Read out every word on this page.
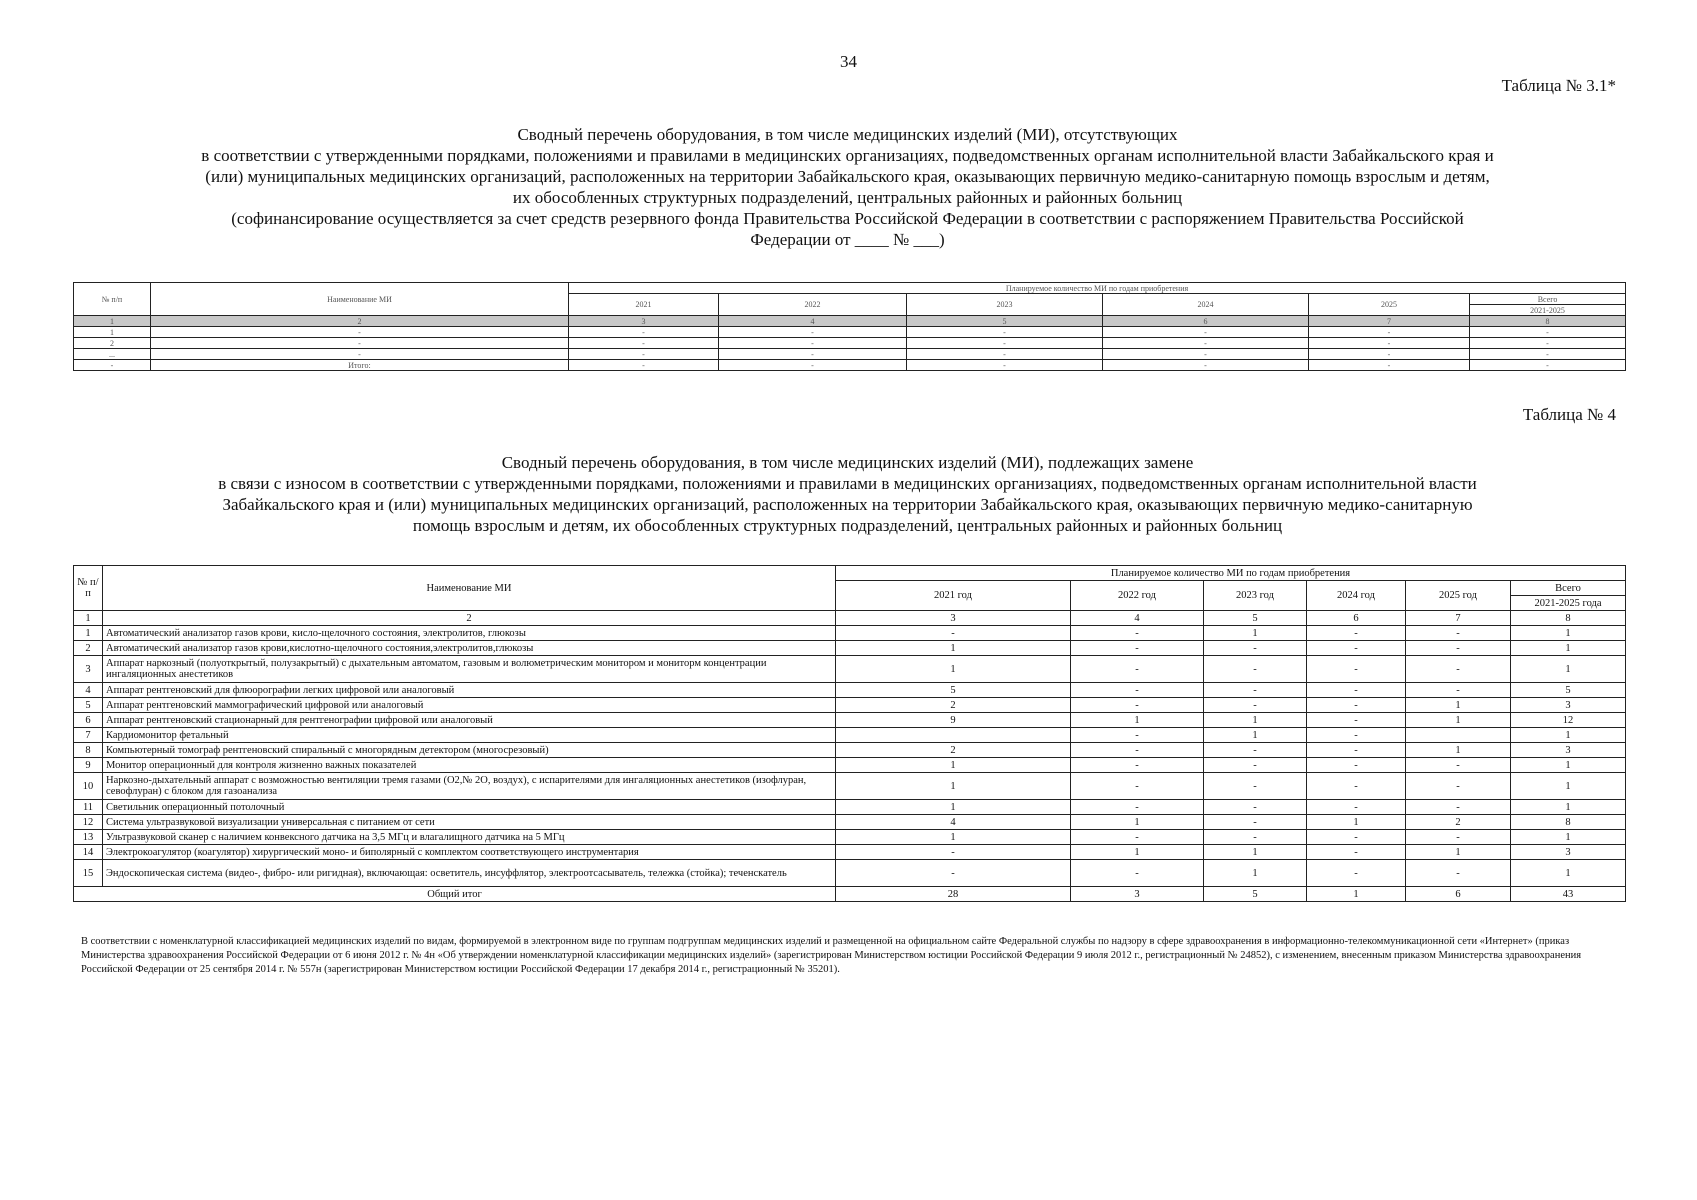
34
Таблица № 3.1*
Сводный перечень оборудования, в том числе медицинских изделий (МИ), отсутствующих
в соответствии с утвержденными порядками, положениями и правилами в медицинских организациях, подведомственных органам исполнительной власти Забайкальского края и
(или) муниципальных медицинских организаций, расположенных на территории Забайкальского края, оказывающих первичную медико-санитарную помощь взрослым и детям,
их обособленных структурных подразделений, центральных районных и районных больниц
(софинансирование осуществляется за счет средств резервного фонда Правительства Российской Федерации в соответствии с распоряжением Правительства Российской
Федерации от ____ № ___)
№ п/п	Наименование МИ	Планируемое количество МИ по годам приобретения					
		2021	2022	2023	2024	2025	Всего
							2021-2025
1	2	3	4	5	6	7	8
1	-	-	-	-	-	-	-
2	-	-	-	-	-	-	-
...	-	-	-	-	-	-	-
-	Итого:	-	-	-	-	-	-
Таблица № 4
Сводный перечень оборудования, в том числе медицинских изделий (МИ), подлежащих замене
в связи с износом в соответствии с утвержденными порядками, положениями и правилами в медицинских организациях, подведомственных органам исполнительной власти
Забайкальского края и (или) муниципальных медицинских организаций, расположенных на территории Забайкальского края, оказывающих первичную медико-санитарную
помощь взрослым и детям, их обособленных структурных подразделений, центральных районных и районных больниц
№ п/ п	Наименование МИ	Планируемое количество МИ по годам приобретения					
		2021 год	2022 год	2023 год	2024 год	2025 год	Всего
							2021-2025 года
1	2	3	4	5	6	7	8
1	Автоматический анализатор газов крови, кисло-щелочного состояния, электролитов, глюкозы	-	-	1	-	-	1
2	Автоматический анализатор газов крови,кислотно-щелочного состояния,электролитов,глюкозы	1	-	-	-	-	1
3	Аппарат наркозный (полуоткрытый, полузакрытый) с дыхательным автоматом, газовым и волюметрическим монитором и мониторм концентрации ингаляционных анестетиков	1	-	-	-	-	1
4	Аппарат рентгеновский для флюорографии легких цифровой или аналоговый	5	-	-	-	-	5
5	Аппарат рентгеновский маммографический цифровой или аналоговый	2	-	-	-	1	3
6	Аппарат рентгеновский стационарный для рентгенографии цифровой или аналоговый	9	1	1	-	1	12
7	Кардиомонитор фетальный		-	1	-		1
8	Компьютерный томограф рентгеновский спиральный с многорядным детектором (многосрезовый)	2	-	-	-	1	3
9	Монитор операционный для контроля жизненно важных показателей	1	-	-	-	-	1
10	Наркозно-дыхательный аппарат с возможностью вентиляции тремя газами (O2,№ 2O, воздух), с испарителями для ингаляционных анестетиков (изофлуран, севофлуран) с блоком для газоанализа	1	-	-	-	-	1
11	Светильник операционный потолочный	1	-	-	-	-	1
12	Система ультразвуковой визуализации универсальная с питанием от сети	4	1	-	1	2	8
13	Ультразвуковой сканер с наличием конвексного датчика на 3,5 МГц и влагалищного датчика на 5 МГц	1	-	-	-	-	1
14	Электрокоагулятор (коагулятор) хирургический моно- и биполярный с комплектом соответствующего инструментария	-	1	1	-	1	3
15	Эндоскопическая система (видео-, фибро- или ригидная), включающая: осветитель, инсуффлятор, электроотсасыватель, тележка (стойка); теченскатель	-	-	1	-	-	1
Общий итог		28	3	5	1	6	43
В соответствии с номенклатурной классификацией медицинских изделий по видам, формируемой в электронном виде по группам подгруппам медицинских изделий и размещенной на официальном сайте Федеральной службы по надзору в сфере здравоохранения в информационно-телекоммуникационной сети «Интернет» (приказ Министерства здравоохранения Российской Федерации от 6 июня 2012 г. № 4н «Об утверждении номенклатурной классификации медицинских изделий» (зарегистрирован Министерством юстиции Российской Федерации 9 июля 2012 г., регистрационный № 24852), с изменением, внесенным приказом Министерства здравоохранения Российской Федерации от 25 сентября 2014 г. № 557н (зарегистрирован Министерством юстиции Российской Федерации 17 декабря 2014 г., регистрационный № 35201).
